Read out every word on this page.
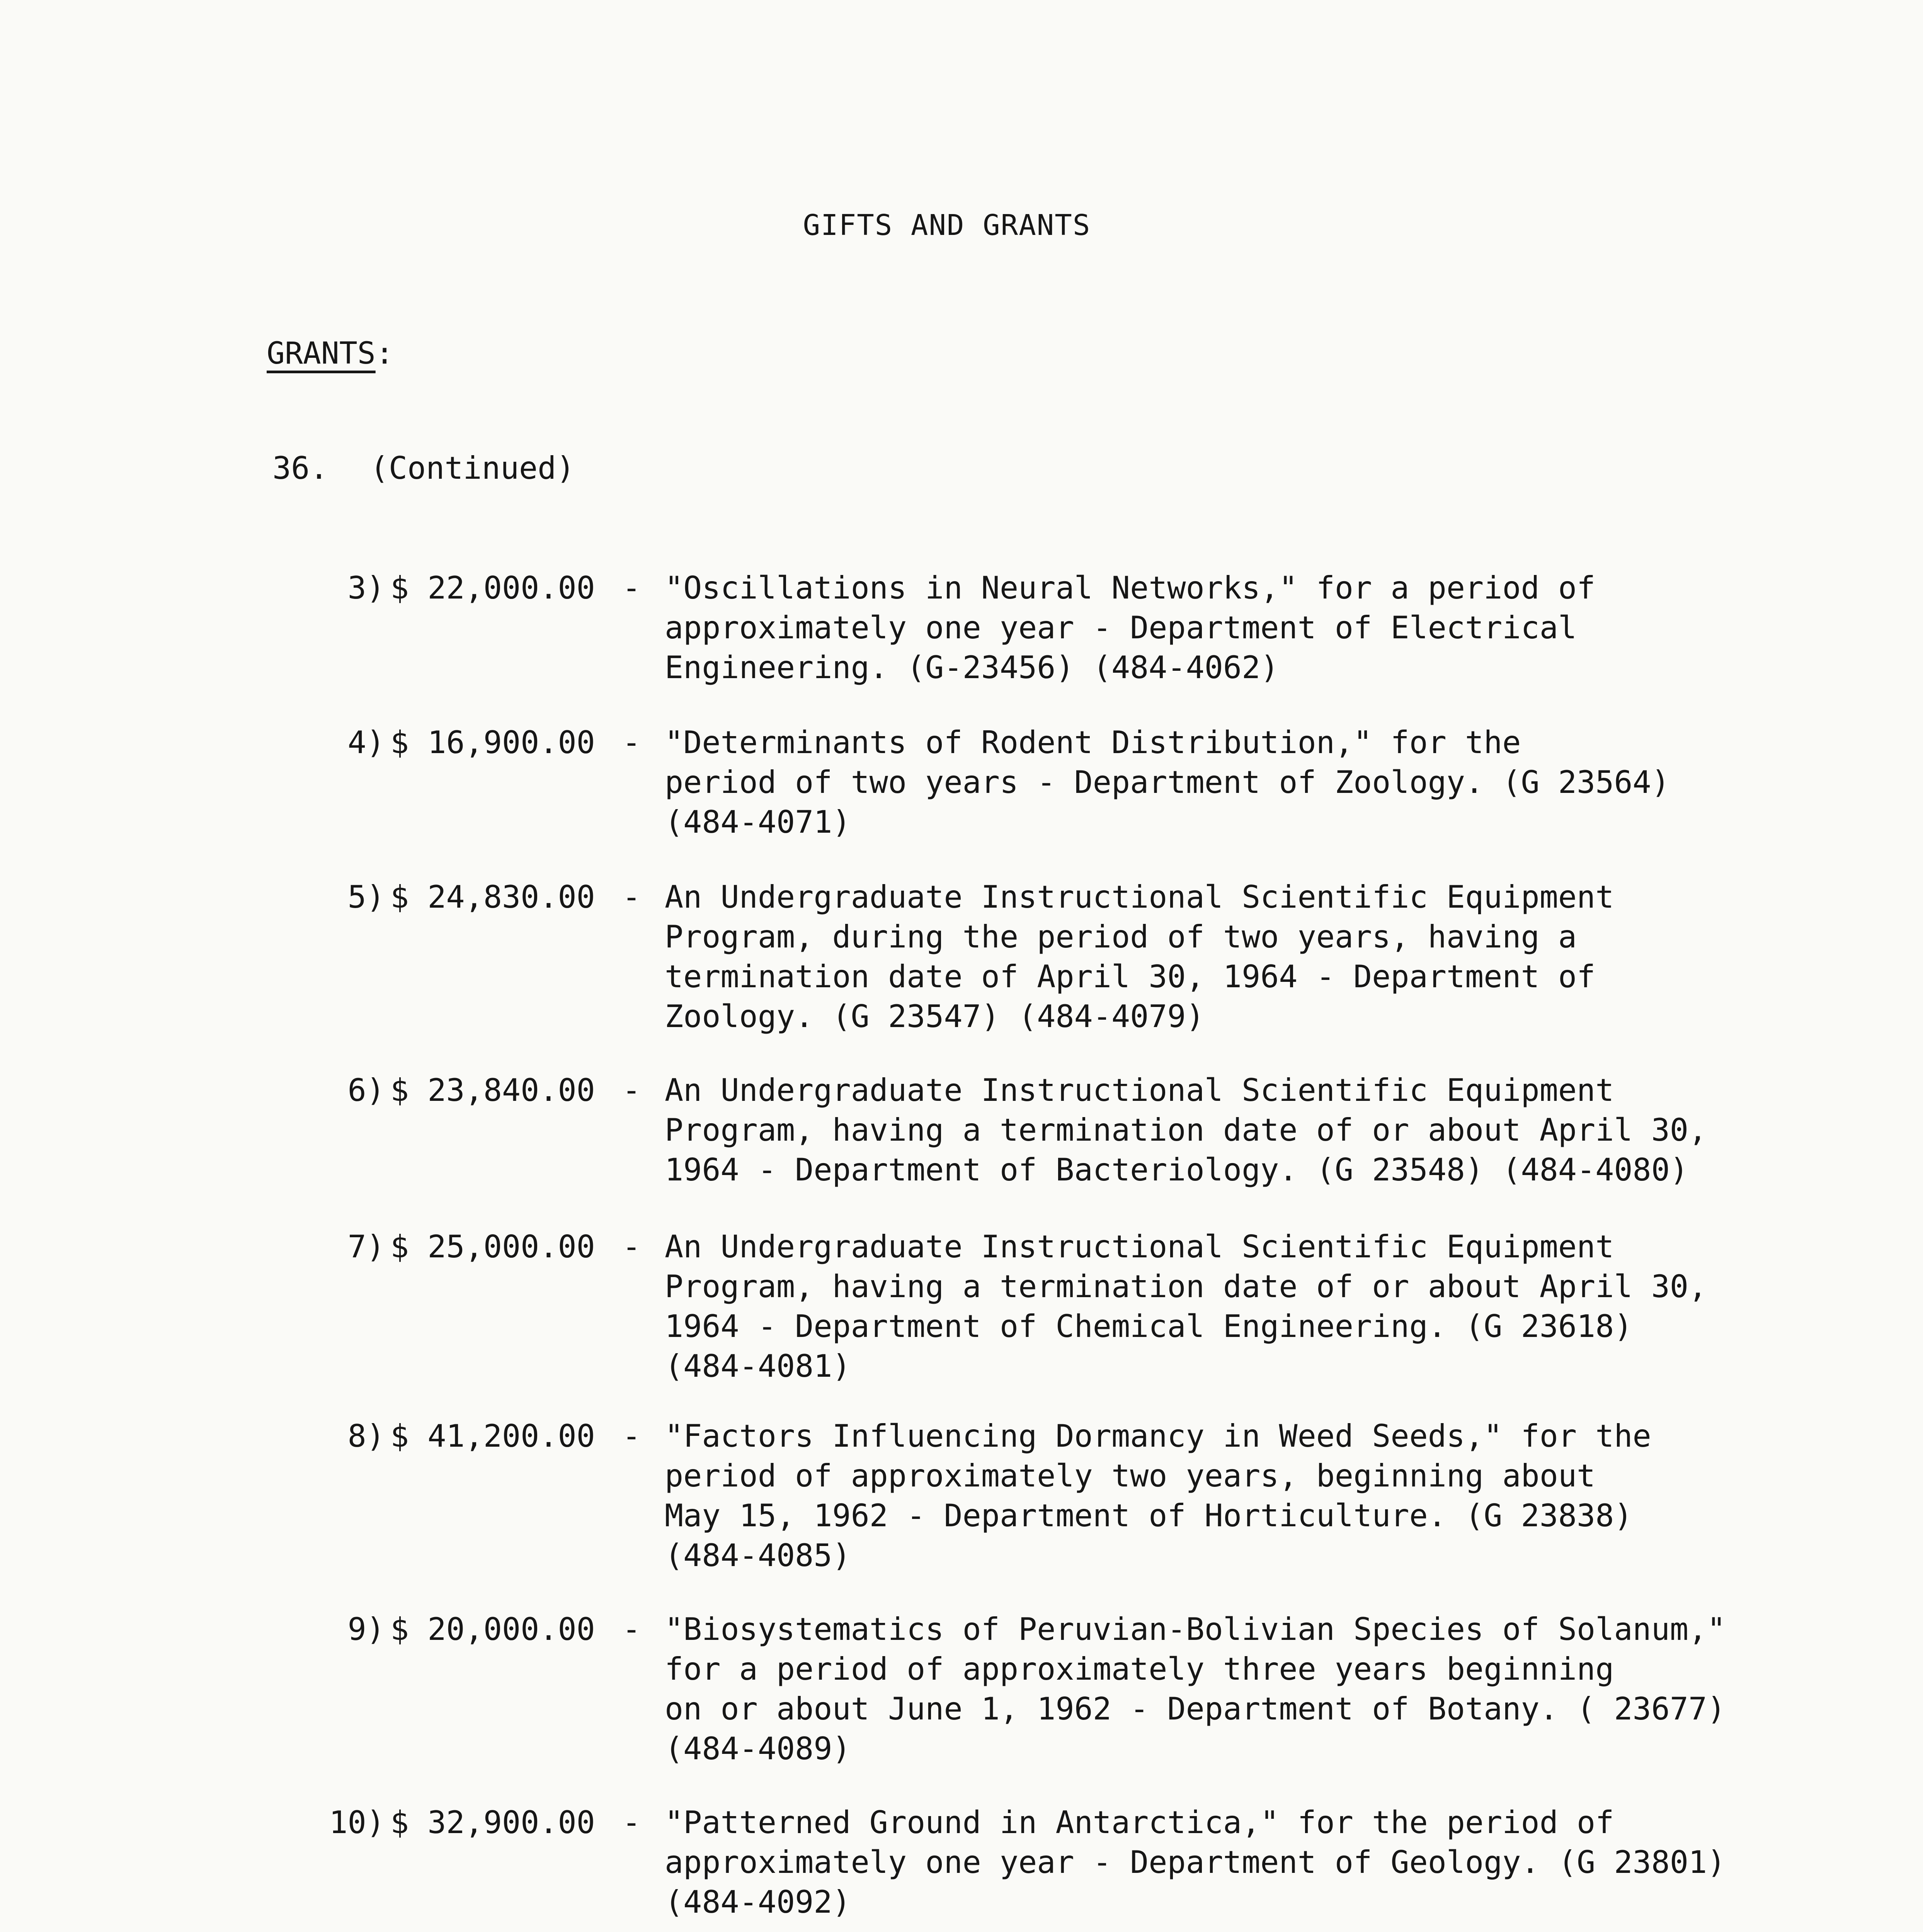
GIFTS AND GRANTS
GRANTS:
36. (Continued)
3) $ 22,000.00 - "Oscillations in Neural Networks," for a period of
approximately one year - Department of Electrical
Engineering. (G-23456) (484-4062)
4) $ 16,900.00 - "Determinants of Rodent Distribution," for the
period of two years - Department of Zoology. (G 23564)
(484-4071)
5) $ 24,830.00 - An Undergraduate Instructional Scientific Equipment
Program, during the period of two years, having a
termination date of April 30, 1964 - Department of
Zoology. (G 23547) (484-4079)
6) $ 23,840.00 - An Undergraduate Instructional Scientific Equipment
Program, having a termination date of or about April 30,
1964 - Department of Bacteriology. (G 23548) (484-4080)
7) $ 25,000.00 - An Undergraduate Instructional Scientific Equipment
Program, having a termination date of or about April 30,
1964 - Department of Chemical Engineering. (G 23618)
(484-4081)
8) $ 41,200.00 - "Factors Influencing Dormancy in Weed Seeds," for the
period of approximately two years, beginning about
May 15, 1962 - Department of Horticulture. (G 23838)
(484-4085)
9) $ 20,000.00 - "Biosystematics of Peruvian-Bolivian Species of Solanum,"
for a period of approximately three years beginning
on or about June 1, 1962 - Department of Botany. ( 23677)
(484-4089)
10) $ 32,900.00 - "Patterned Ground in Antarctica," for the period of
approximately one year - Department of Geology. (G 23801)
(484-4092)
